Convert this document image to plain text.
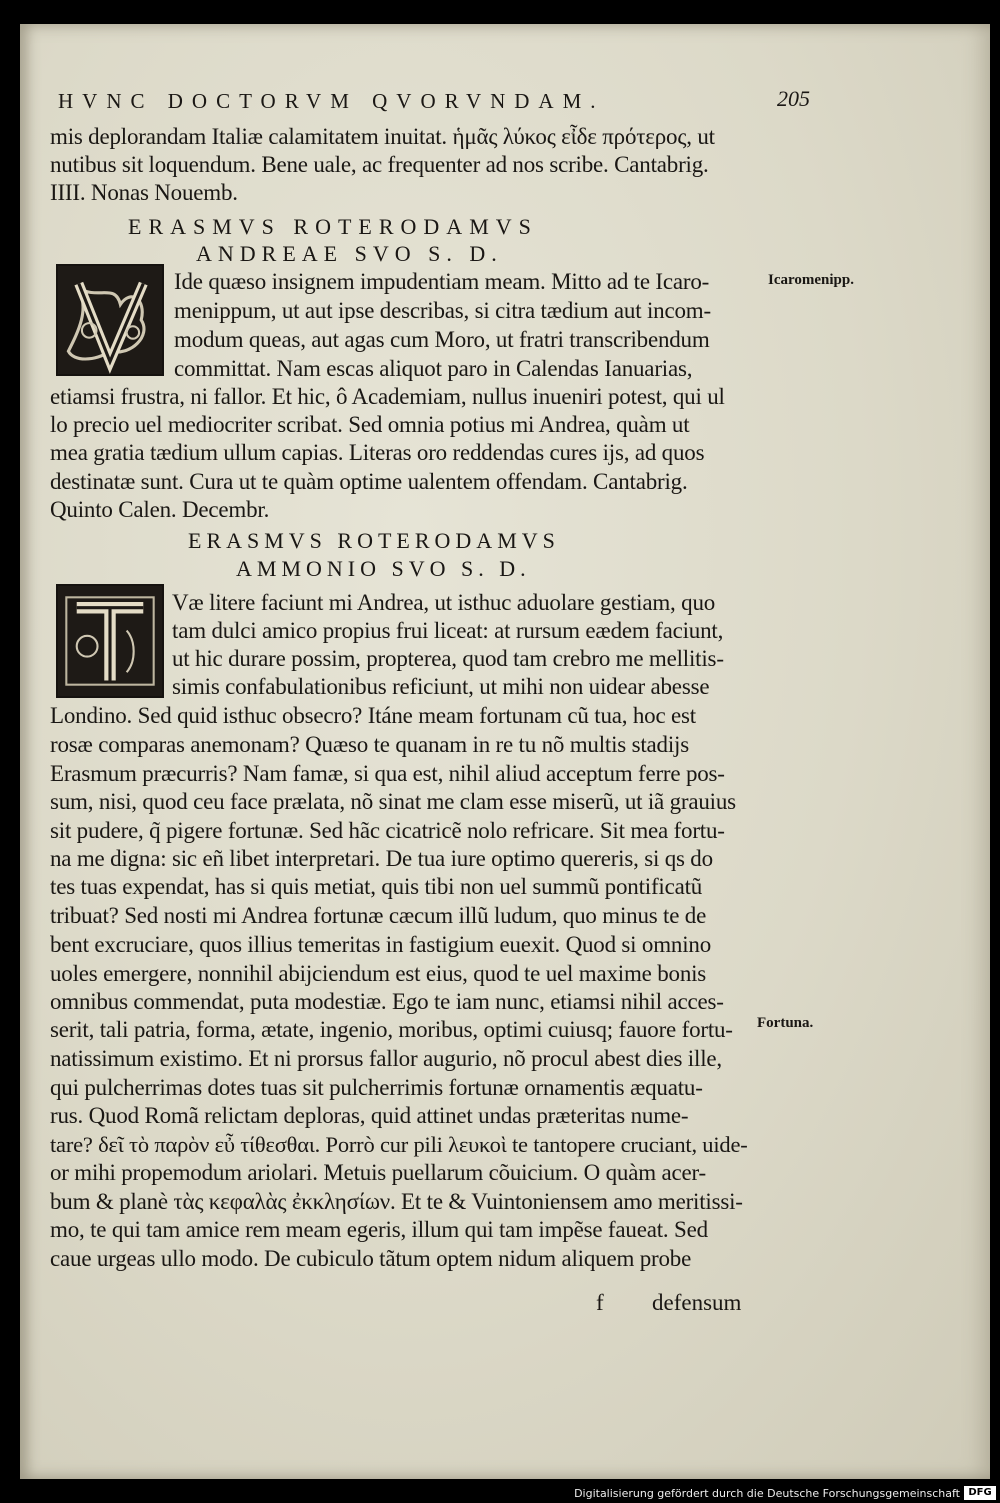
HVNC DOCTORVM QVORVNDAM.	205
mis deplorandam Italiæ calamitatem inuitat. ἡμᾶς λύκος εἶδε πρότερος, ut
nutibus sit loquendum. Bene uale, ac frequenter ad nos scribe. Cantabrig.
IIII. Nonas Nouemb.
ERASMVS ROTERODAMVS
ANDREAE SVO S. D.
Ide quæso insignem impudentiam meam. Mitto ad te Icaro-
menippum, ut aut ipse describas, si citra tædium aut incom-
modum queas, aut agas cum Moro, ut fratri transcribendum
committat. Nam escas aliquot paro in Calendas Ianuarias,
etiamsi frustra, ni fallor. Et hic, ô Academiam, nullus inueniri potest, qui ul
lo precio uel mediocriter scribat. Sed omnia potius mi Andrea, quàm ut
mea gratia tædium ullum capias. Literas oro reddendas cures ijs, ad quos
destinatæ sunt. Cura ut te quàm optime ualentem offendam. Cantabrig.
Quinto Calen. Decembr.
Icaromenipp.
ERASMVS ROTERODAMVS
AMMONIO SVO S. D.
Væ litere faciunt mi Andrea, ut isthuc aduolare gestiam, quo
tam dulci amico propius frui liceat: at rursum eædem faciunt,
ut hic durare possim, propterea, quod tam crebro me mellitis-
simis confabulationibus reficiunt, ut mihi non uidear abesse
Londino. Sed quid isthuc obsecro? Itáne meam fortunam cũ tua, hoc est
rosæ comparas anemonam? Quæso te quanam in re tu nõ multis stadijs
Erasmum præcurris? Nam famæ, si qua est, nihil aliud acceptum ferre pos-
sum, nisi, quod ceu face prælata, nõ sinat me clam esse miserũ, ut iã grauius
sit pudere, q̃ pigere fortunæ. Sed hãc cicatricẽ nolo refricare. Sit mea fortu-
na me digna: sic eñ libet interpretari. De tua iure optimo quereris, si qs do
tes tuas expendat, has si quis metiat, quis tibi non uel summũ pontificatũ
tribuat? Sed nosti mi Andrea fortunæ cæcum illũ ludum, quo minus te de
bent excruciare, quos illius temeritas in fastigium euexit. Quod si omnino
uoles emergere, nonnihil abijciendum est eius, quod te uel maxime bonis
omnibus commendat, puta modestiæ. Ego te iam nunc, etiamsi nihil acces-
serit, tali patria, forma, ætate, ingenio, moribus, optimi cuiusq; fauore fortu-
natissimum existimo. Et ni prorsus fallor augurio, nõ procul abest dies ille,
qui pulcherrimas dotes tuas sit pulcherrimis fortunæ ornamentis æquatu-
rus. Quod Romã relictam deploras, quid attinet undas præteritas nume-
tare? δεῖ τὸ παρὸν εὖ τίθεσθαι. Porrò cur pili λευκοὶ te tantopere cruciant, uide-
or mihi propemodum ariolari. Metuis puellarum cõuicium. O quàm acer-
bum & planè τὰς κεφαλὰς ἐκκλησίων. Et te & Vuintoniensem amo meritissi-
mo, te qui tam amice rem meam egeris, illum qui tam impẽse faueat. Sed
caue urgeas ullo modo. De cubiculo tãtum optem nidum aliquem probe
Fortuna.
f defensum
Digitalisierung gefördert durch die Deutsche Forschungsgemeinschaft DFG
